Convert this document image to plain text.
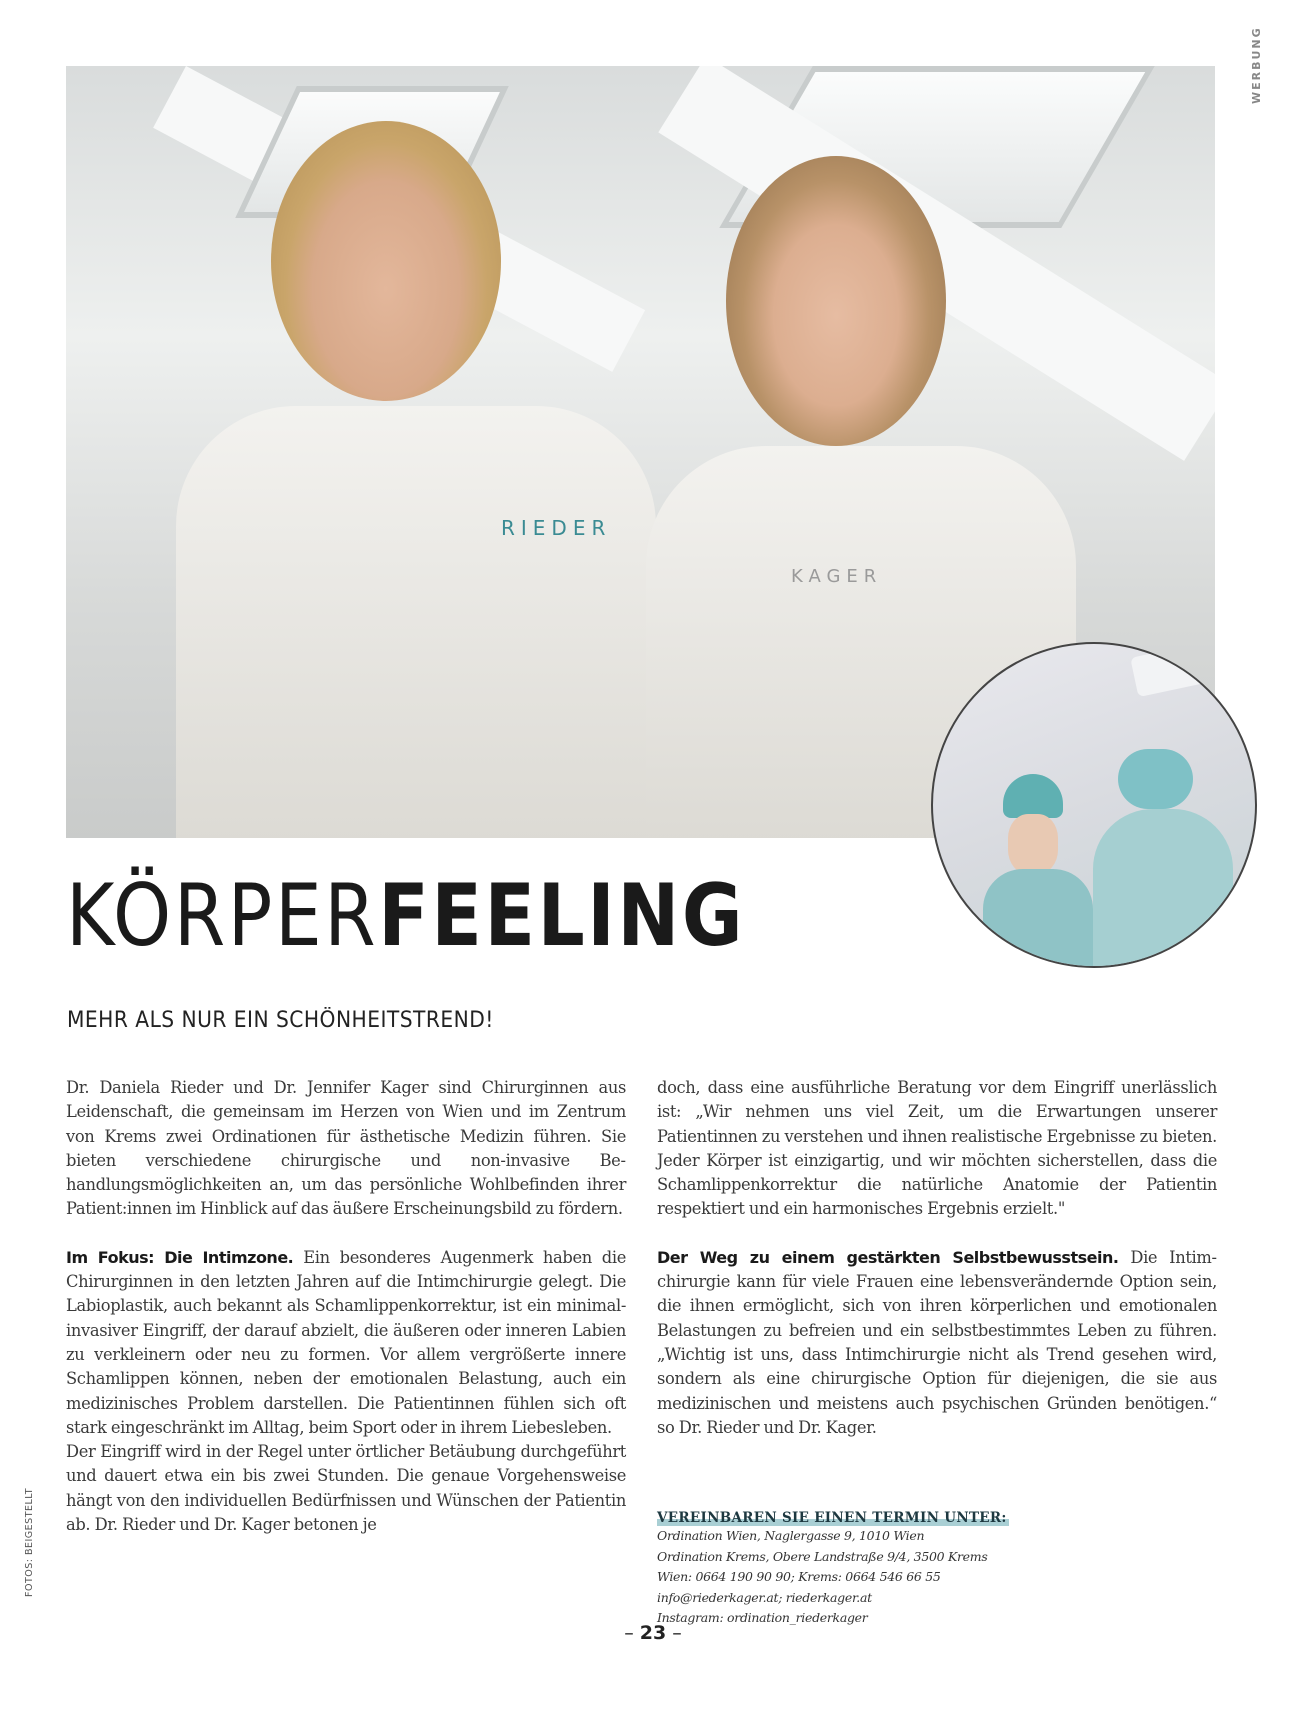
WERBUNG
RIEDER
KAGER
KÖRPERFEELING
MEHR ALS NUR EIN SCHÖNHEITSTREND!

Dr. Daniela Rieder und Dr. Jennifer Kager sind Chirurginnen aus Leidenschaft, die gemeinsam im Herzen von Wien und im Zentrum von Krems zwei Ordinationen für ästhetische Medizin führen. Sie bieten verschiedene chirurgische und non-invasive Behandlungsmöglichkeiten an, um das persönliche Wohlbefinden ihrer Patient:innen im Hinblick auf das äußere Erscheinungsbild zu fördern.

Im Fokus: Die Intimzone. Ein besonderes Augenmerk haben die Chirurginnen in den letzten Jahren auf die Intimchirurgie gelegt. Die Labioplastik, auch bekannt als Schamlippenkorrektur, ist ein minimal-invasiver Eingriff, der darauf abzielt, die äußeren oder inneren Labien zu verkleinern oder neu zu formen. Vor allem vergrößerte innere Schamlippen können, neben der emotionalen Belastung, auch ein medizinisches Problem darstellen. Die Patientinnen fühlen sich oft stark eingeschränkt im Alltag, beim Sport oder in ihrem Liebesleben.

Der Eingriff wird in der Regel unter örtlicher Betäubung durchgeführt und dauert etwa ein bis zwei Stunden. Die genaue Vorgehensweise hängt von den individuellen Bedürfnissen und Wünschen der Patientin ab. Dr. Rieder und Dr. Kager betonen je

doch, dass eine ausführliche Beratung vor dem Eingriff unerlässlich ist: „Wir nehmen uns viel Zeit, um die Erwartungen unserer Patientinnen zu verstehen und ihnen realistische Ergebnisse zu bieten. Jeder Körper ist einzigartig, und wir möchten sicherstellen, dass die Schamlippenkorrektur die natürliche Anatomie der Patientin respektiert und ein harmonisches Ergebnis erzielt."

Der Weg zu einem gestärkten Selbstbewusstsein. Die Intimchirurgie kann für viele Frauen eine lebensverändernde Option sein, die ihnen ermöglicht, sich von ihren körperlichen und emotionalen Belastungen zu befreien und ein selbstbestimmtes Leben zu führen. „Wichtig ist uns, dass Intimchirurgie nicht als Trend gesehen wird, sondern als eine chirurgische Option für diejenigen, die sie aus medizinischen und meistens auch psychischen Gründen benötigen.“ so Dr. Rieder und Dr. Kager.

VEREINBAREN SIE EINEN TERMIN UNTER:
Ordination Wien, Naglergasse 9, 1010 Wien
Ordination Krems, Obere Landstraße 9/4, 3500 Krems
Wien: 0664 190 90 90; Krems: 0664 546 66 55
info@riederkager.at; riederkager.at
Instagram: ordination_riederkager
FOTOS: BEIGESTELLT
– 23 –
